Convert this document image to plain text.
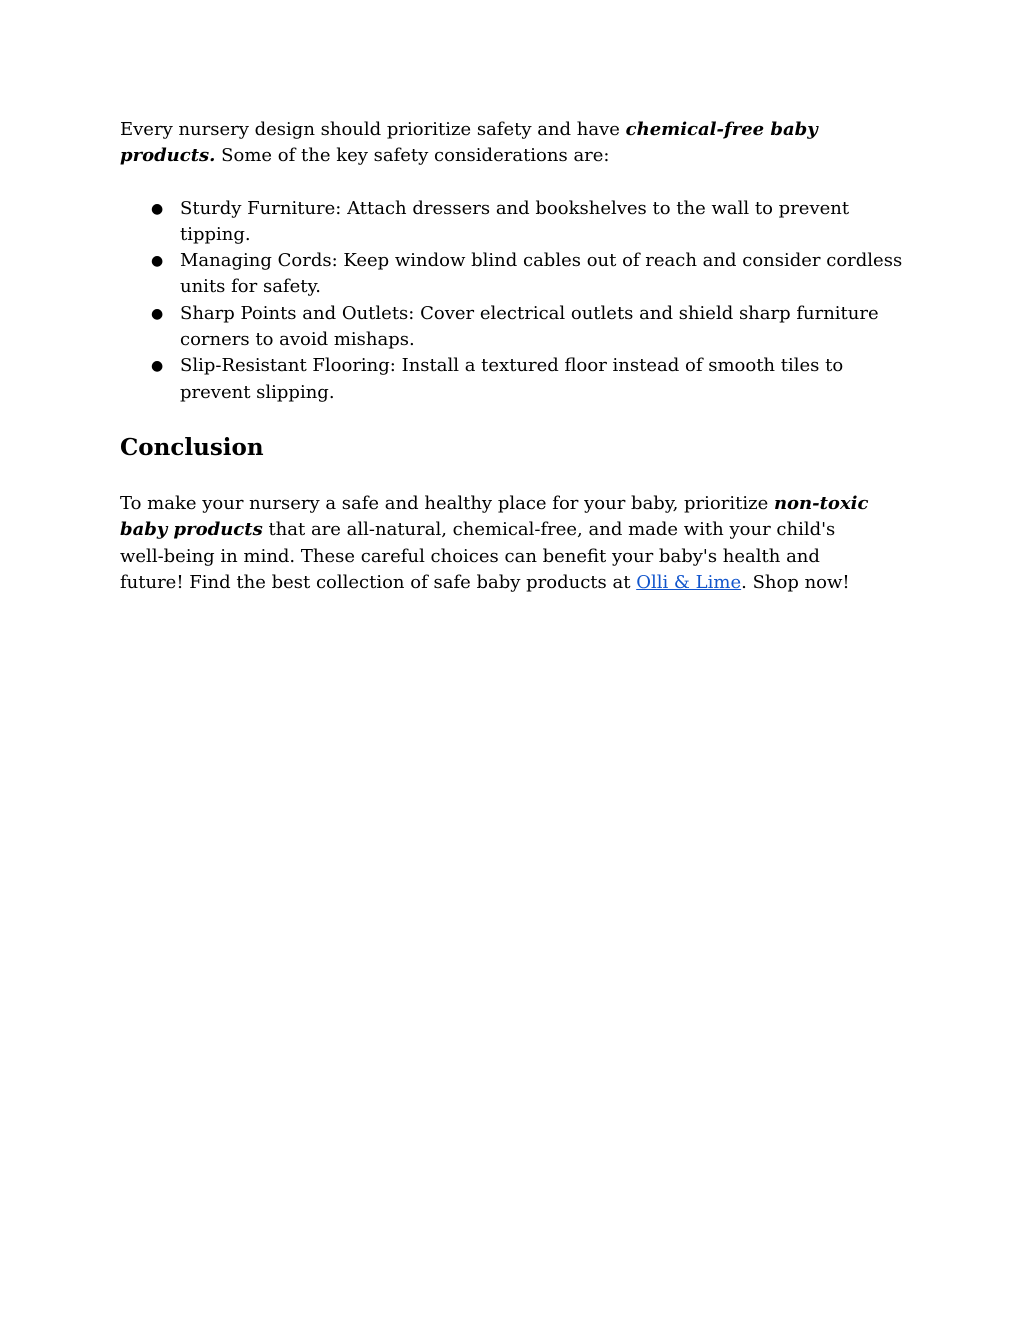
Every nursery design should prioritize safety and have chemical-free baby products. Some of the key safety considerations are:

● Sturdy Furniture: Attach dressers and bookshelves to the wall to prevent tipping.
● Managing Cords: Keep window blind cables out of reach and consider cordless units for safety.
● Sharp Points and Outlets: Cover electrical outlets and shield sharp furniture corners to avoid mishaps.
● Slip-Resistant Flooring: Install a textured floor instead of smooth tiles to prevent slipping.
Conclusion

To make your nursery a safe and healthy place for your baby, prioritize non-toxic baby products that are all-natural, chemical-free, and made with your child's well-being in mind. These careful choices can benefit your baby's health and future! Find the best collection of safe baby products at Olli & Lime. Shop now!
